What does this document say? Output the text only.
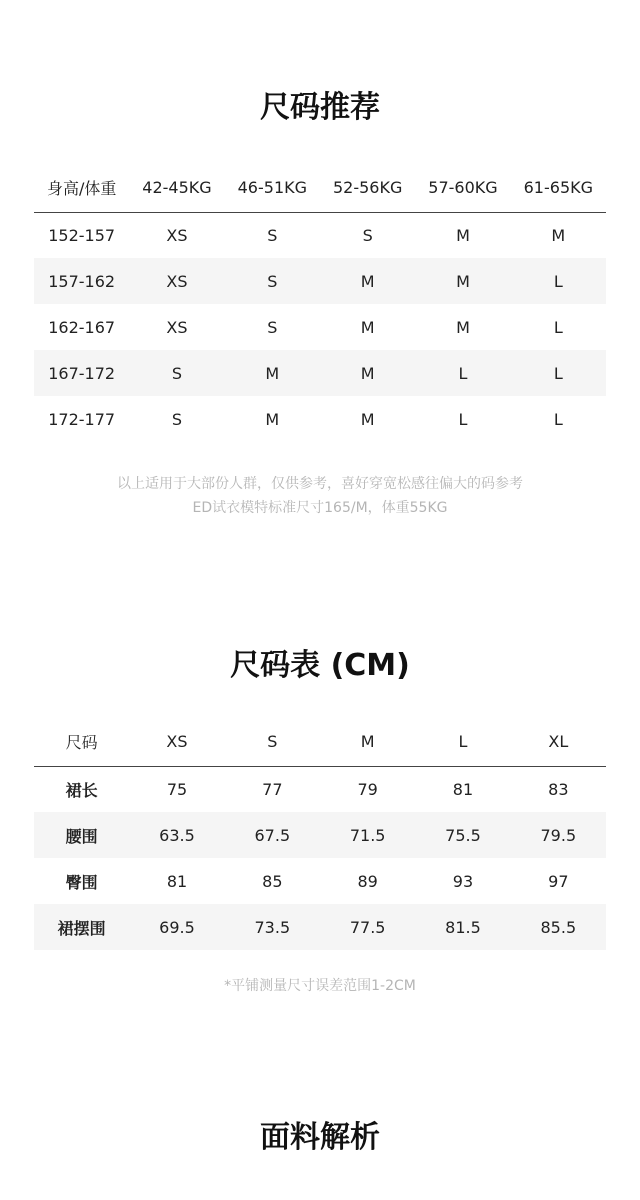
尺码推荐
身高/体重	42-45KG	46-51KG	52-56KG	57-60KG	61-65KG
152-157	XS	S	S	M	M
157-162	XS	S	M	M	L
162-167	XS	S	M	M	L
167-172	S	M	M	L	L
172-177	S	M	M	L	L
以上适用于大部份人群，仅供参考，喜好穿宽松感往偏大的码参考
ED试衣模特标准尺寸165/M，体重55KG
尺码表 (CM)
尺码	XS	S	M	L	XL
裙长	75	77	79	81	83
腰围	63.5	67.5	71.5	75.5	79.5
臀围	81	85	89	93	97
裙摆围	69.5	73.5	77.5	81.5	85.5
*平铺测量尺寸误差范围1-2CM
面料解析
